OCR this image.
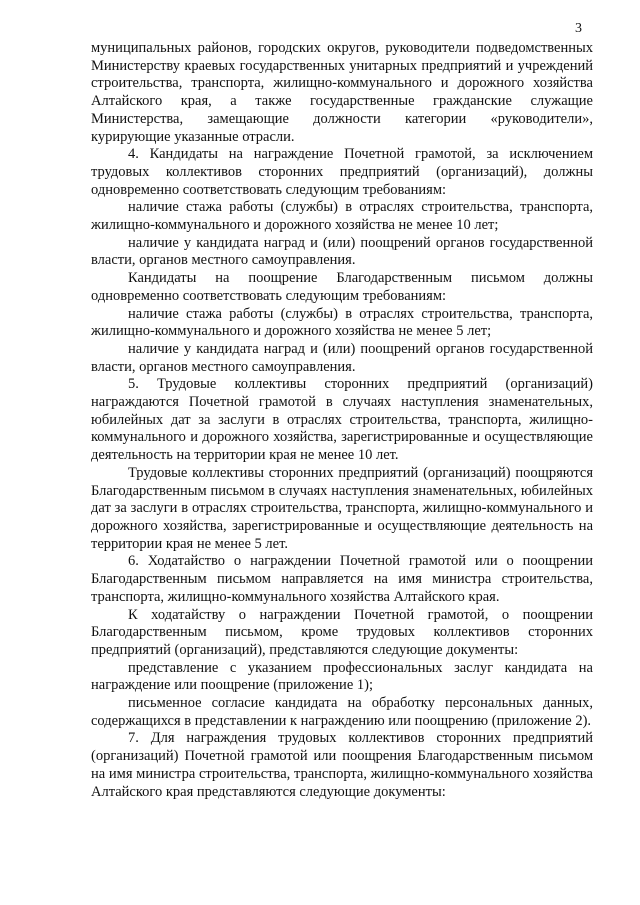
3

муниципальных районов, городских округов, руководители подведомственных Министерству краевых государственных унитарных предприятий и учреждений строительства, транспорта, жилищно-коммунального и дорожного хозяйства Алтайского края, а также государственные гражданские служащие Министерства, замещающие должности категории «руководители», курирующие указанные отрасли.

4. Кандидаты на награждение Почетной грамотой, за исключением трудовых коллективов сторонних предприятий (организаций), должны одновременно соответствовать следующим требованиям:

наличие стажа работы (службы) в отраслях строительства, транспорта, жилищно-коммунального и дорожного хозяйства не менее 10 лет;

наличие у кандидата наград и (или) поощрений органов государственной власти, органов местного самоуправления.

Кандидаты на поощрение Благодарственным письмом должны одновременно соответствовать следующим требованиям:

наличие стажа работы (службы) в отраслях строительства, транспорта, жилищно-коммунального и дорожного хозяйства не менее 5 лет;

наличие у кандидата наград и (или) поощрений органов государственной власти, органов местного самоуправления.

5. Трудовые коллективы сторонних предприятий (организаций) награждаются Почетной грамотой в случаях наступления знаменательных, юбилейных дат за заслуги в отраслях строительства, транспорта, жилищно-коммунального и дорожного хозяйства, зарегистрированные и осуществляющие деятельность на территории края не менее 10 лет.

Трудовые коллективы сторонних предприятий (организаций) поощряются Благодарственным письмом в случаях наступления знаменательных, юбилейных дат за заслуги в отраслях строительства, транспорта, жилищно-коммунального и дорожного хозяйства, зарегистрированные и осуществляющие деятельность на территории края не менее 5 лет.

6. Ходатайство о награждении Почетной грамотой или о поощрении Благодарственным письмом направляется на имя министра строительства, транспорта, жилищно-коммунального хозяйства Алтайского края.

К ходатайству о награждении Почетной грамотой, о поощрении Благодарственным письмом, кроме трудовых коллективов сторонних предприятий (организаций), представляются следующие документы:

представление с указанием профессиональных заслуг кандидата на награждение или поощрение (приложение 1);

письменное согласие кандидата на обработку персональных данных, содержащихся в представлении к награждению или поощрению (приложение 2).

7. Для награждения трудовых коллективов сторонних предприятий (организаций) Почетной грамотой или поощрения Благодарственным письмом на имя министра строительства, транспорта, жилищно-коммунального хозяйства Алтайского края представляются следующие документы:
